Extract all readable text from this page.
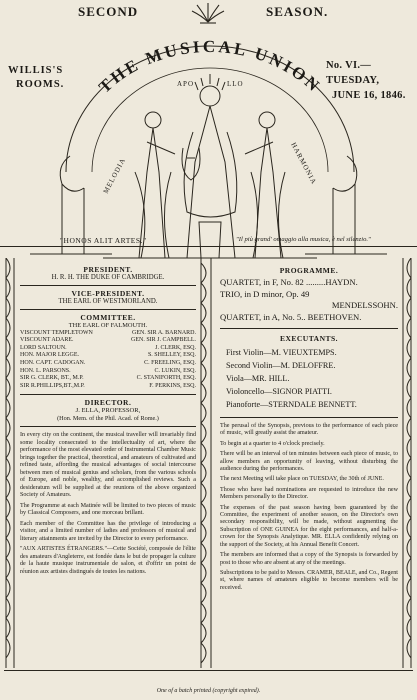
SECOND	SEASON.
WILLIS'S
ROOMS.
No. VI.—TUESDAY,
JUNE 16, 1846.
THE MUSICAL UNION
MELODIA
APO	LLO
HARMONIA
"HONOS ALIT ARTES."	"Il più grand' omaggio alla musica, è nel silenzio."
PRESIDENT.
H. R. H. THE DUKE OF CAMBRIDGE.
VICE-PRESIDENT.
THE EARL OF WESTMORLAND.
COMMITTEE.
THE EARL OF FALMOUTH.
VISCOUNT TEMPLETOWN	GEN. SIR A. BARNARD.
VISCOUNT ADARE.	GEN. SIR J. CAMPBELL.
LORD SALTOUN.	J. CLERK, ESQ.
HON. MAJOR LEGGE.	S. SHELLEY, ESQ.
HON. CAPT. CADOGAN.	C. FREELING, ESQ.
HON. L. PARSONS.	C. LUKIN, ESQ.
SIR G. CLERK, BT., M.P.	C. STANIFORTH, ESQ.
SIR R.PHILLIPS,BT.,M.P.	F. PERKINS, ESQ.
DIRECTOR.
J. ELLA, PROFESSOR,
(Hon. Mem. of the Phil. Acad. of Rome.)

In every city on the continent, the musical traveller will invariably find some locality consecrated to the intellectuality of art, where the performance of the most elevated order of Instrumental Chamber Music brings together the practical, theoretical, and amateurs of cultivated and refined taste, affording the musical advantages of social intercourse between men of musical genius and scholars, from the various schools of Europe, and noble, wealthy, and accomplished reviews. Such a desideratum will be supplied at the reunions of the above organized Society of Amateurs.

The Programme at each Matinée will be limited to two pieces of music by Classical Composers, and one morceau brillant.

Each member of the Committee has the privilege of introducing a visitor, and a limited number of ladies and professors of musical and literary attainments are invited by the Director to every performance.

"AUX ARTISTES ÉTRANGERS."—Cette Société, composée de l'élite des amateurs d'Angleterre, est fondée dans le but de propager la culture de la haute musique instrumentale de salon, et d'offrir un point de réunion aux artistes distingués de toutes les nations.

PROGRAMME.
QUARTET, in F, No. 82 .........HAYDN.
TRIO, in D minor, Op. 49
MENDELSSOHN.
QUARTET, in A, No. 5.. BEETHOVEN.
EXECUTANTS.
First Violin—M. VIEUXTEMPS.
Second Violin—M. DELOFFRE.
Viola—MR. HILL.
Violoncello—SIGNOR PIATTI.
Pianoforte—STERNDALE BENNETT.

The perusal of the Synopsis, previous to the performance of each piece of music, will greatly assist the amateur.

To begin at a quarter to 4 o'clock precisely.

There will be an interval of ten minutes between each piece of music, to allow members an opportunity of leaving, without disturbing the audience during the performances.

The next Meeting will take place on TUESDAY, the 30th of JUNE.

Those who have had nominations are requested to introduce the new Members personally to the Director.

The expenses of the past season having been guaranteed by the Committee, the experiment of another season, on the Director's own secondary responsibility, will be made, without augmenting the Subscription of ONE GUINEA for the eight performances, and half-a-crown for the Synopsis Analytique. MR. ELLA confidently relying on the support of the Society, at his Annual Benefit Concert.

The members are informed that a copy of the Synopsis is forwarded by post to those who are absent at any of the meetings.

Subscriptions to be paid to Messrs. CRAMER, BEALE, and Co., Regent st, where names of amateurs eligible to become members will be received.

One of a batch printed (copyright expired).
